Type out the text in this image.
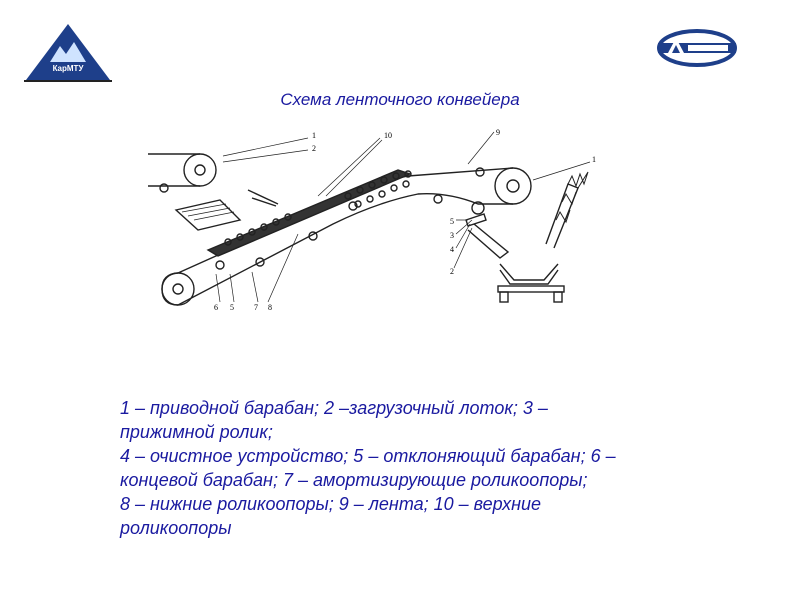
КарМТУ
Схема ленточного конвейера
1
2
10	9
1
5
3
4
2
6 5	7 8
1 – приводной барабан; 2 –загрузочный лоток; 3 –
прижимной ролик;
4 – очистное устройство; 5 – отклоняющий барабан; 6 –
концевой барабан; 7 – амортизирующие роликоопоры;
8 – нижние роликоопоры; 9 – лента; 10 – верхние
роликоопоры
